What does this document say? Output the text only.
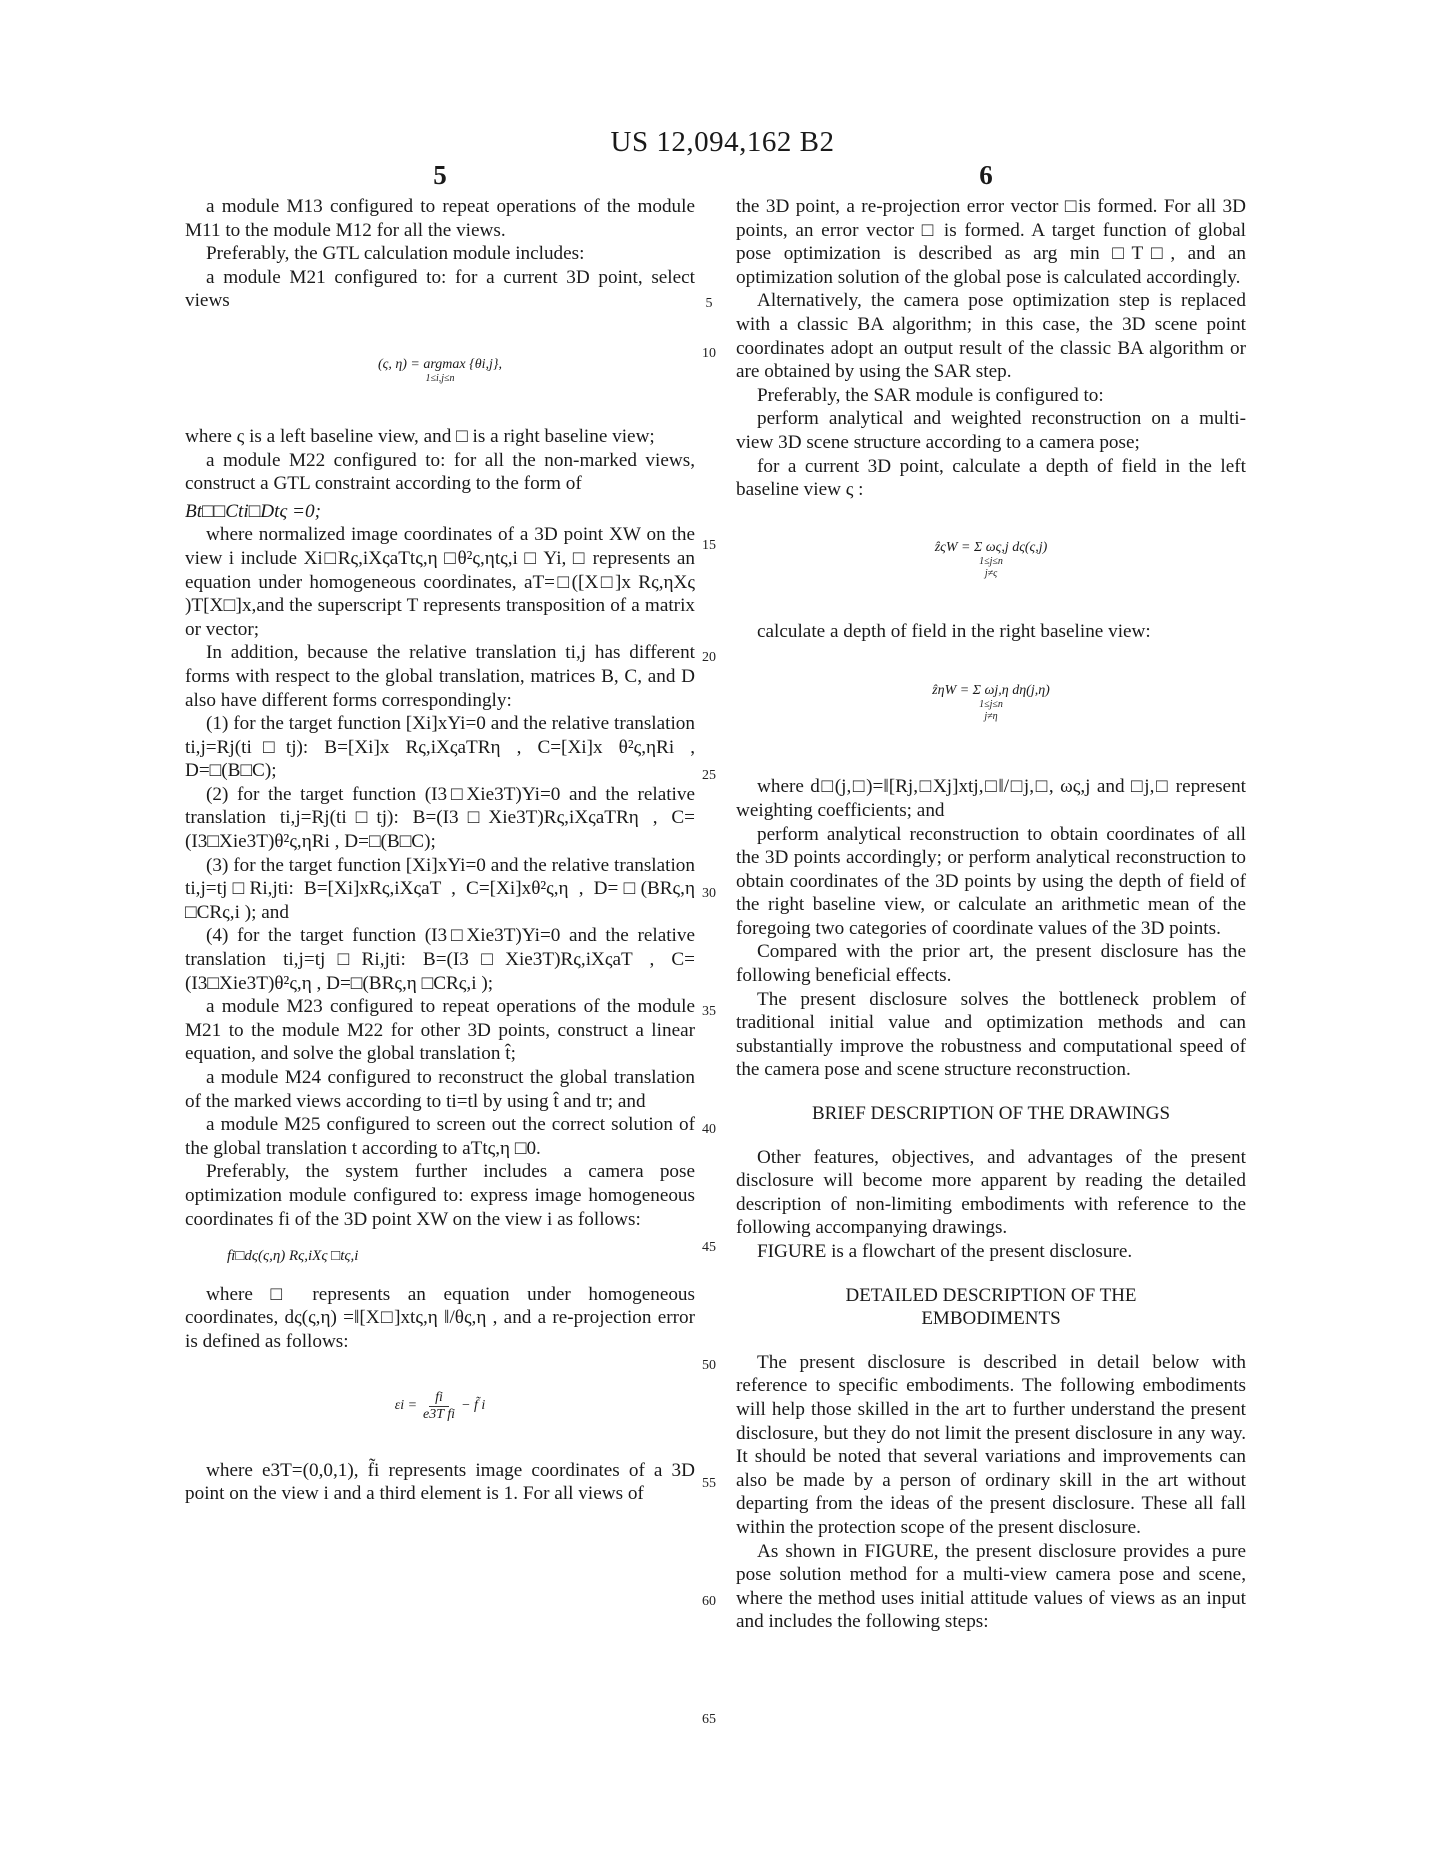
US 12,094,162 B2
5	6

a module M13 configured to repeat operations of the module M11 to the module M12 for all the views.

Preferably, the GTL calculation module includes:

a module M21 configured to: for a current 3D point, select views

(ς, η) = argmax {θi,j},
1≤i,j≤n

where ς is a left baseline view, and □ is a right baseline view;

a module M22 configured to: for all the non-marked views, construct a GTL constraint according to the form of

Bt□□Cti□Dtς =0;

where normalized image coordinates of a 3D point XW on the view i include Xi□Rς,iXςaTtς,η □θ²ς,ηtς,i □ Yi, □ represents an equation under homogeneous coordinates, aT=□([X□]x Rς,ηXς )T[X□]x,and the superscript T represents transposition of a matrix or vector;

In addition, because the relative translation ti,j has different forms with respect to the global translation, matrices B, C, and D also have different forms correspondingly:

(1) for the target function [Xi]xYi=0 and the relative translation ti,j=Rj(ti□tj): B=[Xi]x Rς,iXςaTRη , C=[Xi]x θ²ς,ηRi , D=□(B□C);

(2) for the target function (I3□Xie3T)Yi=0 and the relative translation ti,j=Rj(ti□tj): B=(I3□Xie3T)Rς,iXςaTRη , C=(I3□Xie3T)θ²ς,ηRi , D=□(B□C);

(3) for the target function [Xi]xYi=0 and the relative translation ti,j=tj□Ri,jti: B=[Xi]xRς,iXςaT , C=[Xi]xθ²ς,η , D=□(BRς,η □CRς,i ); and

(4) for the target function (I3□Xie3T)Yi=0 and the relative translation ti,j=tj□Ri,jti: B=(I3□Xie3T)Rς,iXςaT , C=(I3□Xie3T)θ²ς,η , D=□(BRς,η □CRς,i );

a module M23 configured to repeat operations of the module M21 to the module M22 for other 3D points, construct a linear equation, and solve the global translation t̂;

a module M24 configured to reconstruct the global translation of the marked views according to ti=tl by using t̂ and tr; and

a module M25 configured to screen out the correct solution of the global translation t according to aTtς,η □0.

Preferably, the system further includes a camera pose optimization module configured to: express image homogeneous coordinates fi of the 3D point XW on the view i as follows:

fi□dς(ς,η) Rς,iXς □tς,i

where □ represents an equation under homogeneous coordinates, dς(ς,η) =‖[X□]xtς,η ‖/θς,η , and a re-projection error is defined as follows:

$\varepsilon i = \frac{fi}{\text{e3T fi}}$ − f̃ i

where e3T=(0,0,1), f̃i represents image coordinates of a 3D point on the view i and a third element is 1. For all views of

5
10
15
20
25
30
35
40
45
50
55
60
65

the 3D point, a re-projection error vector □is formed. For all 3D points, an error vector □ is formed. A target function of global pose optimization is described as arg min □T□, and an optimization solution of the global pose is calculated accordingly.

Alternatively, the camera pose optimization step is replaced with a classic BA algorithm; in this case, the 3D scene point coordinates adopt an output result of the classic BA algorithm or are obtained by using the SAR step.

Preferably, the SAR module is configured to:

perform analytical and weighted reconstruction on a multi-view 3D scene structure according to a camera pose;

for a current 3D point, calculate a depth of field in the left baseline view ς :

ẑςW = Σ ως,j dς(ς,j)
1≤j≤n
j≠ς

calculate a depth of field in the right baseline view:

ẑηW = Σ ωj,η dη(j,η)
1≤j≤n
j≠η

where d□(j,□)=‖[Rj,□Xj]xtj,□‖/□j,□, ως,j and □j,□ represent weighting coefficients; and

perform analytical reconstruction to obtain coordinates of all the 3D points accordingly; or perform analytical reconstruction to obtain coordinates of the 3D points by using the depth of field of the right baseline view, or calculate an arithmetic mean of the foregoing two categories of coordinate values of the 3D points.

Compared with the prior art, the present disclosure has the following beneficial effects.

The present disclosure solves the bottleneck problem of traditional initial value and optimization methods and can substantially improve the robustness and computational speed of the camera pose and scene structure reconstruction.

BRIEF DESCRIPTION OF THE DRAWINGS

Other features, objectives, and advantages of the present disclosure will become more apparent by reading the detailed description of non-limiting embodiments with reference to the following accompanying drawings.

FIGURE is a flowchart of the present disclosure.

DETAILED DESCRIPTION OF THE
EMBODIMENTS

The present disclosure is described in detail below with reference to specific embodiments. The following embodiments will help those skilled in the art to further understand the present disclosure, but they do not limit the present disclosure in any way. It should be noted that several variations and improvements can also be made by a person of ordinary skill in the art without departing from the ideas of the present disclosure. These all fall within the protection scope of the present disclosure.

As shown in FIGURE, the present disclosure provides a pure pose solution method for a multi-view camera pose and scene, where the method uses initial attitude values of views as an input and includes the following steps:
